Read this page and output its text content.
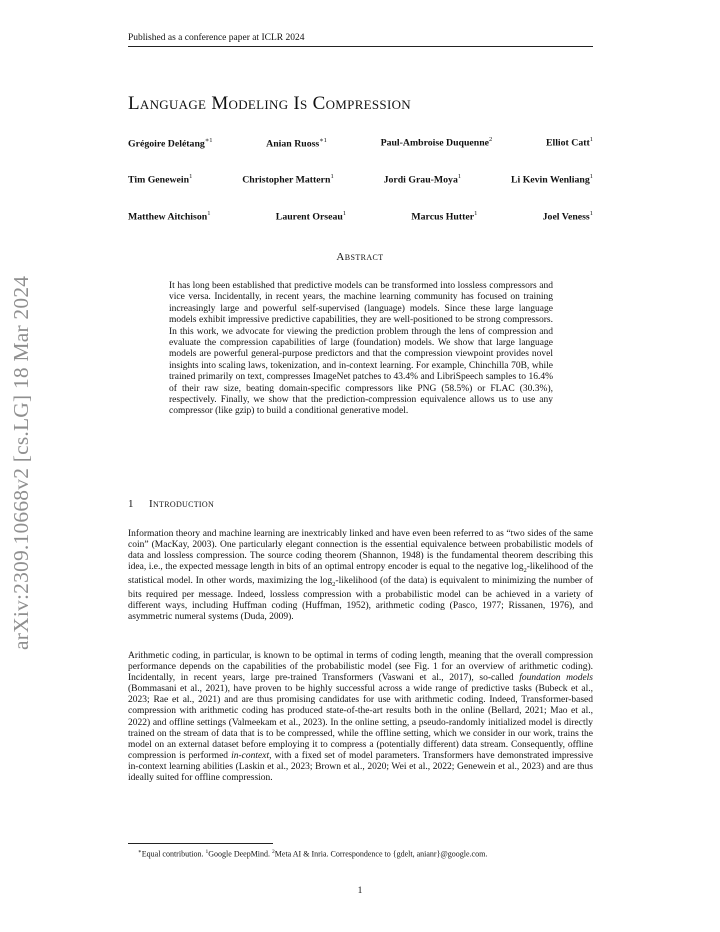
Published as a conference paper at ICLR 2024
Language Modeling Is Compression
Grégoire Delétang$^{∗1}$	Anian Ruoss$^{∗1}$	Paul-Ambroise Duquenne$^2$	Elliot Catt$^1$
Tim Genewein$^1$	Christopher Mattern$^1$	Jordi Grau-Moya$^1$	Li Kevin Wenliang$^1$
Matthew Aitchison$^1$	Laurent Orseau$^1$	Marcus Hutter$^1$	Joel Veness$^1$
Abstract
It has long been established that predictive models can be transformed into lossless compressors and vice versa. Incidentally, in recent years, the machine learning community has focused on training increasingly large and powerful self-supervised (language) models. Since these large language models exhibit impressive predictive capabilities, they are well-positioned to be strong compressors. In this work, we advocate for viewing the prediction problem through the lens of compression and evaluate the compression capabilities of large (foundation) models. We show that large language models are powerful general-purpose predictors and that the compression viewpoint provides novel insights into scaling laws, tokenization, and in-context learning. For example, Chinchilla 70B, while trained primarily on text, compresses ImageNet patches to 43.4% and LibriSpeech samples to 16.4% of their raw size, beating domain-specific compressors like PNG (58.5%) or FLAC (30.3%), respectively. Finally, we show that the prediction-compression equivalence allows us to use any compressor (like gzip) to build a conditional generative model.
arXiv:2309.10668v2 [cs.LG] 18 Mar 2024	1 Introduction
Information theory and machine learning are inextricably linked and have even been referred to as “two sides of the same coin” (MacKay, 2003). One particularly elegant connection is the essential equivalence between probabilistic models of data and lossless compression. The source coding theorem (Shannon, 1948) is the fundamental theorem describing this idea, i.e., the expected message length in bits of an optimal entropy encoder is equal to the negative $\log_2$-likelihood of the statistical model. In other words, maximizing the $\log_2$-likelihood (of the data) is equivalent to minimizing the number of bits required per message. Indeed, lossless compression with a probabilistic model can be achieved in a variety of different ways, including Huffman coding (Huffman, 1952), arithmetic coding (Pasco, 1977; Rissanen, 1976), and asymmetric numeral systems (Duda, 2009).
Arithmetic coding, in particular, is known to be optimal in terms of coding length, meaning that the overall compression performance depends on the capabilities of the probabilistic model (see Fig. 1 for an overview of arithmetic coding). Incidentally, in recent years, large pre-trained Transformers (Vaswani et al., 2017), so-called foundation models (Bommasani et al., 2021), have proven to be highly successful across a wide range of predictive tasks (Bubeck et al., 2023; Rae et al., 2021) and are thus promising candidates for use with arithmetic coding. Indeed, Transformer-based compression with arithmetic coding has produced state-of-the-art results both in the online (Bellard, 2021; Mao et al., 2022) and offline settings (Valmeekam et al., 2023). In the online setting, a pseudo-randomly initialized model is directly trained on the stream of data that is to be compressed, while the offline setting, which we consider in our work, trains the model on an external dataset before employing it to compress a (potentially different) data stream. Consequently, offline compression is performed in-context, with a fixed set of model parameters. Transformers have demonstrated impressive in-context learning abilities (Laskin et al., 2023; Brown et al., 2020; Wei et al., 2022; Genewein et al., 2023) and are thus ideally suited for offline compression.
∗Equal contribution. $^1$Google DeepMind. $^2$Meta AI & Inria. Correspondence to {gdelt, anianr}@google.com.
1
